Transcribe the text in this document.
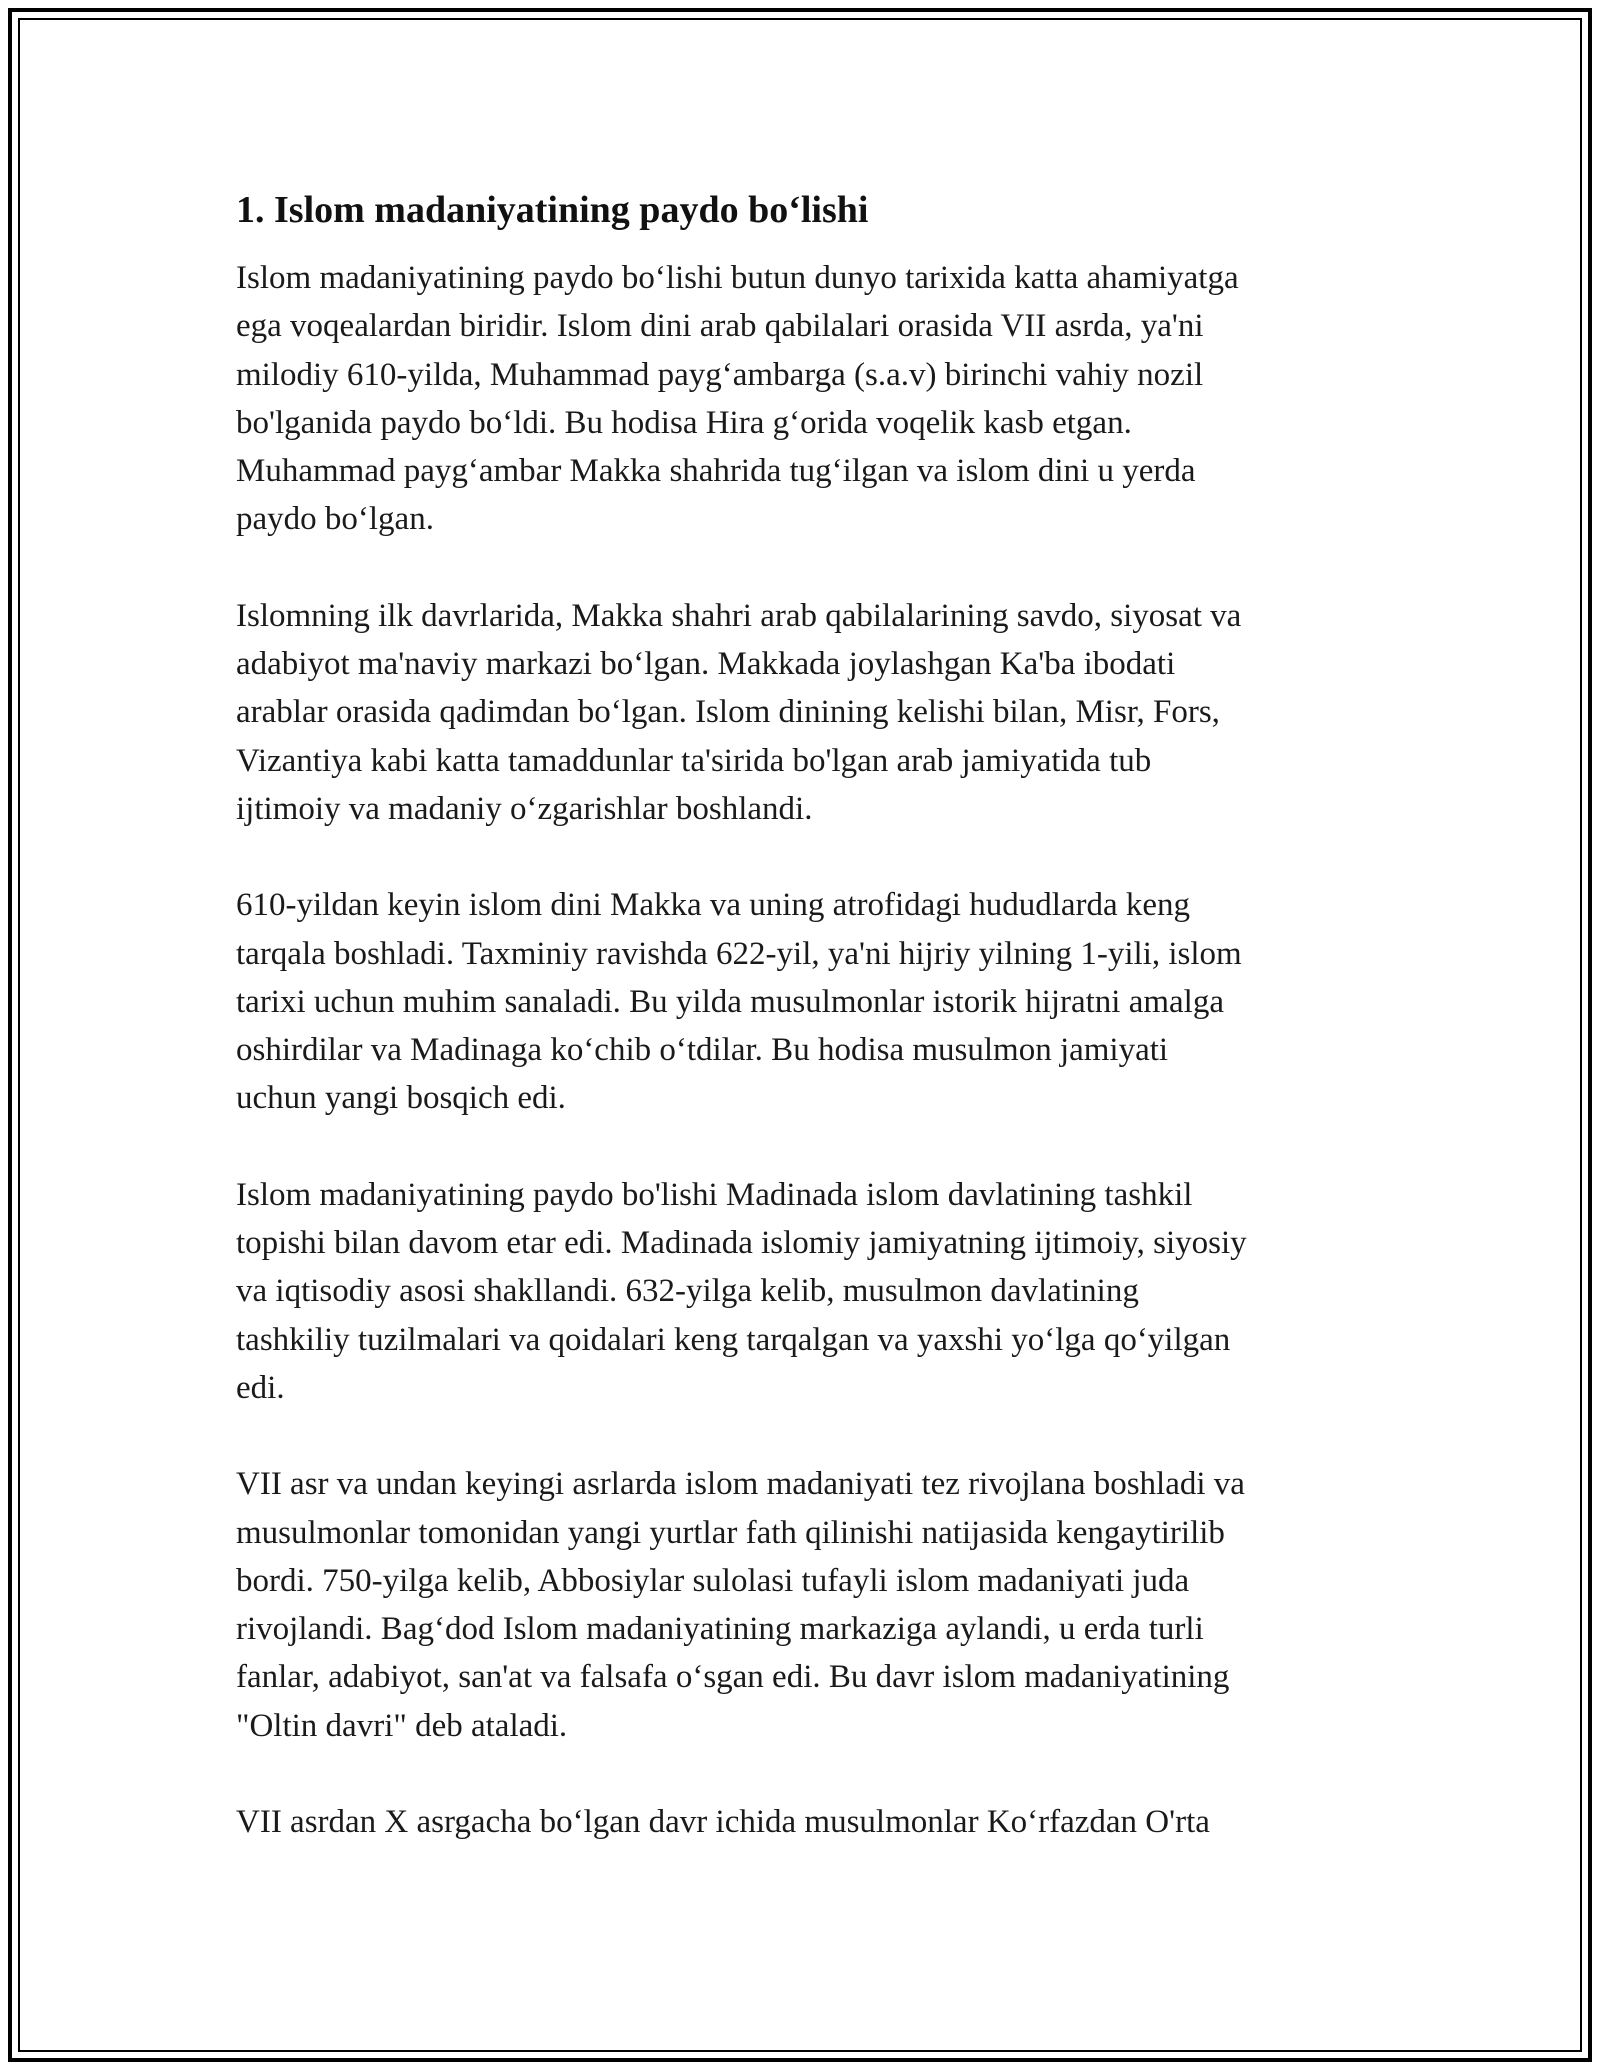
1. Islom madaniyatining paydo bo‘lishi

Islom madaniyatining paydo bo‘lishi butun dunyo tarixida katta ahamiyatga
ega voqealardan biridir. Islom dini arab qabilalari orasida VII asrda, ya'ni
milodiy 610-yilda, Muhammad payg‘ambarga (s.a.v) birinchi vahiy nozil
bo'lganida paydo bo‘ldi. Bu hodisa Hira g‘orida voqelik kasb etgan.
Muhammad payg‘ambar Makka shahrida tug‘ilgan va islom dini u yerda
paydo bo‘lgan.

Islomning ilk davrlarida, Makka shahri arab qabilalarining savdo, siyosat va
adabiyot ma'naviy markazi bo‘lgan. Makkada joylashgan Ka'ba ibodati
arablar orasida qadimdan bo‘lgan. Islom dinining kelishi bilan, Misr, Fors,
Vizantiya kabi katta tamaddunlar ta'sirida bo'lgan arab jamiyatida tub
ijtimoiy va madaniy o‘zgarishlar boshlandi.

610-yildan keyin islom dini Makka va uning atrofidagi hududlarda keng
tarqala boshladi. Taxminiy ravishda 622-yil, ya'ni hijriy yilning 1-yili, islom
tarixi uchun muhim sanaladi. Bu yilda musulmonlar istorik hijratni amalga
oshirdilar va Madinaga ko‘chib o‘tdilar. Bu hodisa musulmon jamiyati
uchun yangi bosqich edi.

Islom madaniyatining paydo bo'lishi Madinada islom davlatining tashkil
topishi bilan davom etar edi. Madinada islomiy jamiyatning ijtimoiy, siyosiy
va iqtisodiy asosi shakllandi. 632-yilga kelib, musulmon davlatining
tashkiliy tuzilmalari va qoidalari keng tarqalgan va yaxshi yo‘lga qo‘yilgan
edi.

VII asr va undan keyingi asrlarda islom madaniyati tez rivojlana boshladi va
musulmonlar tomonidan yangi yurtlar fath qilinishi natijasida kengaytirilib
bordi. 750-yilga kelib, Abbosiylar sulolasi tufayli islom madaniyati juda
rivojlandi. Bag‘dod Islom madaniyatining markaziga aylandi, u erda turli
fanlar, adabiyot, san'at va falsafa o‘sgan edi. Bu davr islom madaniyatining
"Oltin davri" deb ataladi.

VII asrdan X asrgacha bo‘lgan davr ichida musulmonlar Ko‘rfazdan O'rta
